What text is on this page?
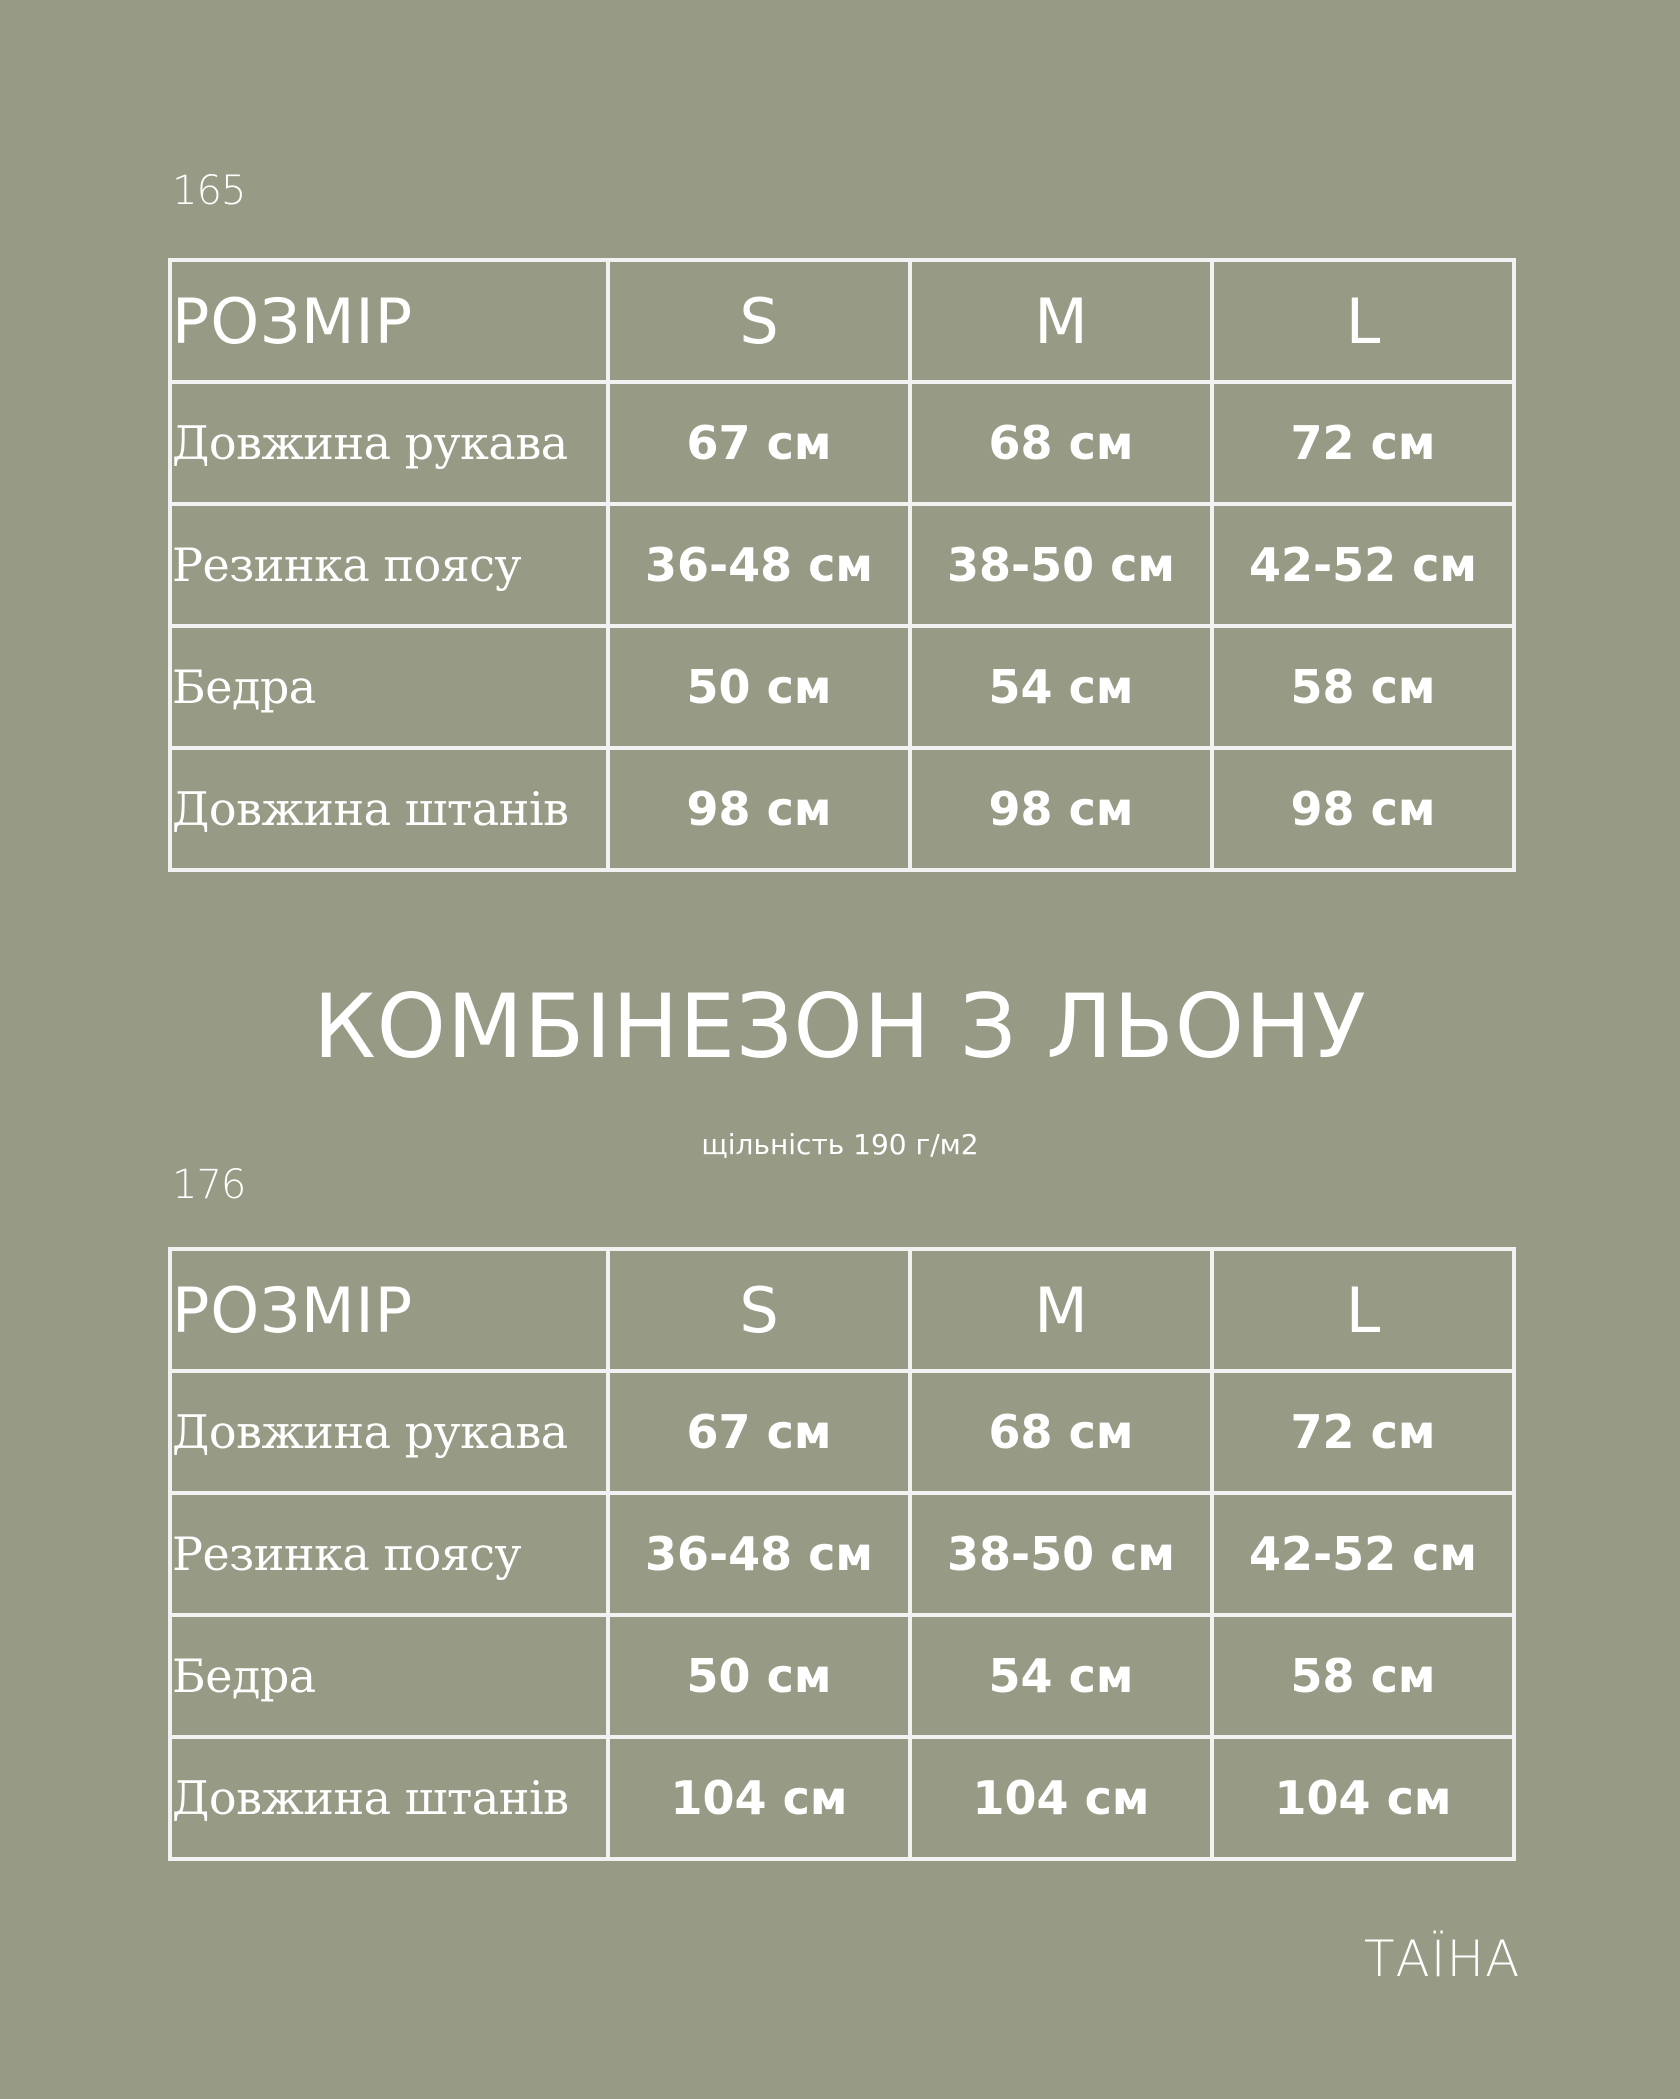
165
РОЗМІР	S	M	L
Довжина рукава	67 см	68 см	72 см
Резинка поясу	36-48 см	38-50 см	42-52 см
Бедра	50 см	54 см	58 см
Довжина штанів	98 см	98 см	98 см
КОМБІНЕЗОН З ЛЬОНУ
щільність 190 г/м2
176
РОЗМІР	S	M	L
Довжина рукава	67 см	68 см	72 см
Резинка поясу	36-48 см	38-50 см	42-52 см
Бедра	50 см	54 см	58 см
Довжина штанів	104 см	104 см	104 см
ТАЇНА
